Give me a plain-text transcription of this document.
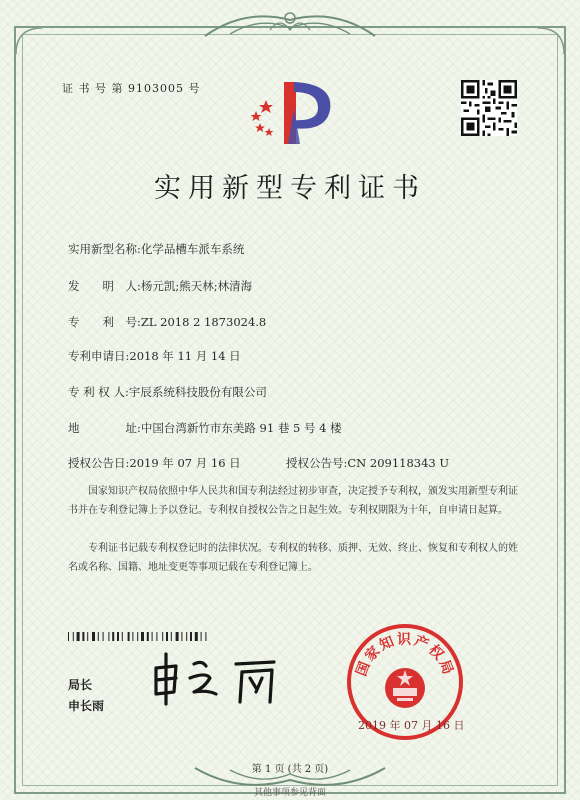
证 书 号 第 9103005 号
实用新型专利证书
实用新型名称:化学品槽车派车系统
发　　明　人:杨元凯;熊天林;林清海
专　　利　号:ZL 2018 2 1873024.8
专利申请日:2018 年 11 月 14 日
专 利 权 人:宇辰系统科技股份有限公司
地　　　　址:中国台湾新竹市东美路 91 巷 5 号 4 楼
授权公告日:2019 年 07 月 16 日	授权公告号:CN 209118343 U
国家知识产权局依照中华人民共和国专利法经过初步审查，决定授予专利权，颁发实用新型专利证书并在专利登记簿上予以登记。专利权自授权公告之日起生效。专利权期限为十年，自申请日起算。
专利证书记载专利权登记时的法律状况。专利权的转移、质押、无效、终止、恢复和专利权人的姓名或名称、国籍、地址变更等事项记载在专利登记簿上。
局长
申长雨
国家知识产权局
2019 年 07 月 16 日
第 1 页 (共 2 页)
其他事项参见背面
